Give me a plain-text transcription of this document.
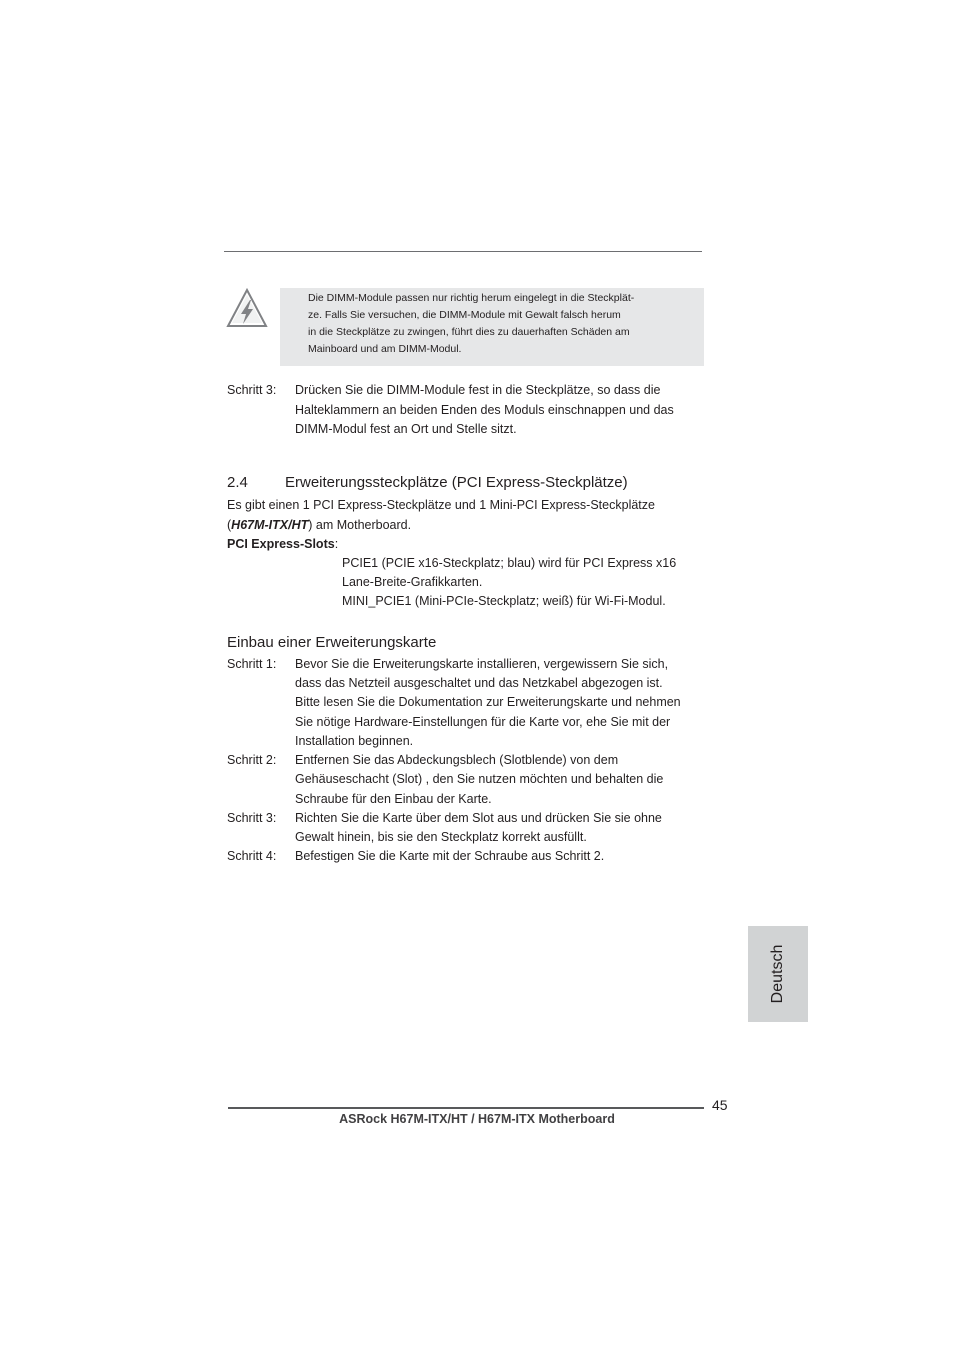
Die DIMM-Module passen nur richtig herum eingelegt in die Steckplät-
ze. Falls Sie versuchen, die DIMM-Module mit Gewalt falsch herum
in die Steckplätze zu zwingen, führt dies zu dauerhaften Schäden am
Mainboard und am DIMM-Modul.
Schritt 3: Drücken Sie die DIMM-Module fest in die Steckplätze, so dass die
Halteklammern an beiden Enden des Moduls einschnappen und das
DIMM-Modul fest an Ort und Stelle sitzt.
2.4 Erweiterungssteckplätze (PCI Express-Steckplätze)
Es gibt einen 1 PCI Express-Steckplätze und 1 Mini-PCI Express-Steckplätze
(H67M-ITX/HT) am Motherboard.
PCI Express-Slots:
PCIE1 (PCIE x16-Steckplatz; blau) wird für PCI Express x16
Lane-Breite-Grafikkarten.
MINI_PCIE1 (Mini-PCIe-Steckplatz; weiß) für Wi-Fi-Modul.
Einbau einer Erweiterungskarte
Schritt 1: Bevor Sie die Erweiterungskarte installieren, vergewissern Sie sich,
dass das Netzteil ausgeschaltet und das Netzkabel abgezogen ist.
Bitte lesen Sie die Dokumentation zur Erweiterungskarte und nehmen
Sie nötige Hardware-Einstellungen für die Karte vor, ehe Sie mit der
Installation beginnen.
Schritt 2: Entfernen Sie das Abdeckungsblech (Slotblende) von dem
Gehäuseschacht (Slot) , den Sie nutzen möchten und behalten die
Schraube für den Einbau der Karte.
Schritt 3: Richten Sie die Karte über dem Slot aus und drücken Sie sie ohne
Gewalt hinein, bis sie den Steckplatz korrekt ausfüllt.
Schritt 4: Befestigen Sie die Karte mit der Schraube aus Schritt 2.
Deutsch
45
ASRock H67M-ITX/HT / H67M-ITX Motherboard
